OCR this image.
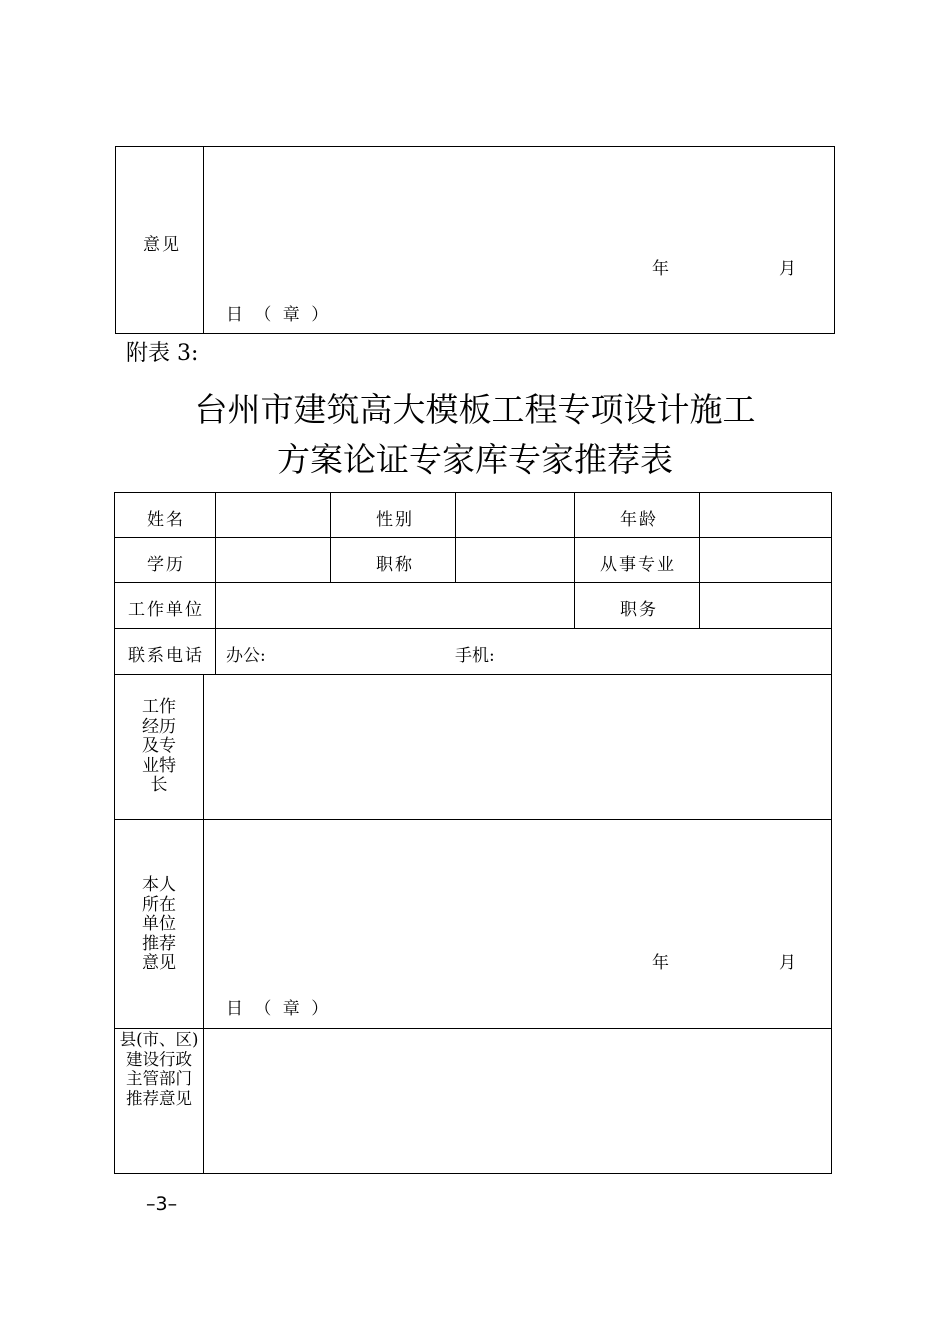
意见
年	月
日 （ 章 ）
附表 3:
台州市建筑高大模板工程专项设计施工
方案论证专家库专家推荐表
姓名	性别	年龄
学历	职称	从事专业
工作单位	职务
联系电话 办公:	手机:
工作
经历
及专
业特
长
本人
所在
单位
推荐
意见	年	月
日 （ 章 ）
县(市、区)
建设行政
主管部门
推荐意见
–3–
